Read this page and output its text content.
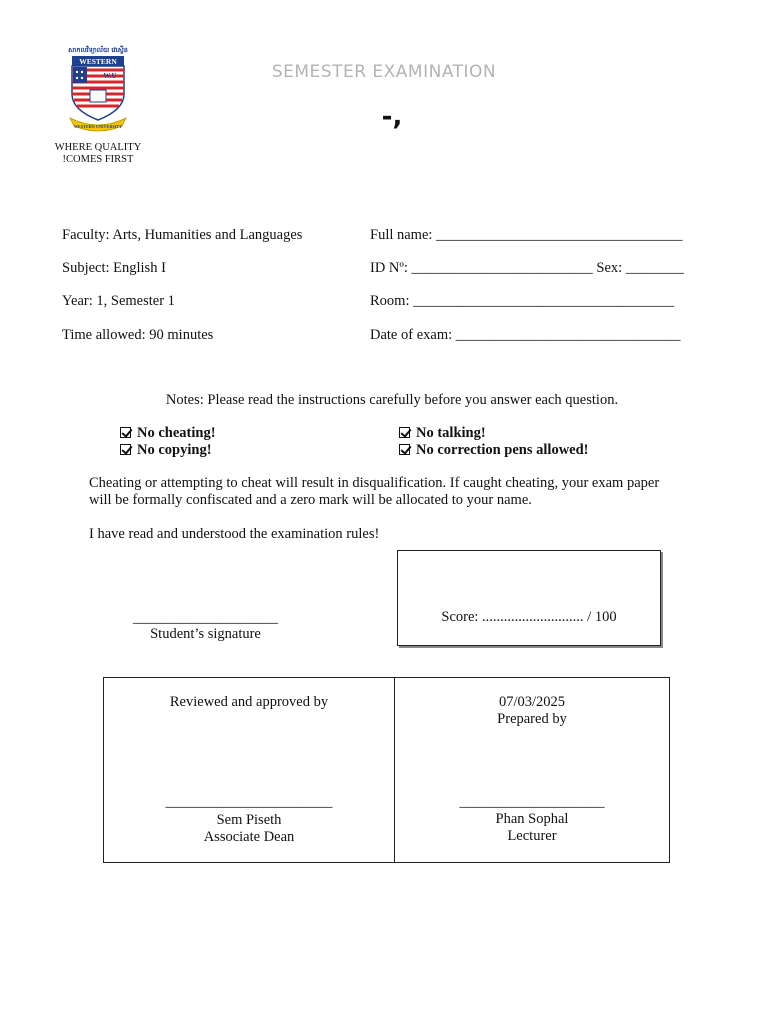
សាកលវិទ្យាល័យ វេស្ទើន
WESTERN
W.U
WESTERN UNIVERSITY
WHERE QUALITY
!COMES FIRST
SEMESTER EXAMINATION
-,
Faculty: Arts, Humanities and Languages
Subject: English I
Year: 1, Semester 1
Time allowed: 90 minutes
Full name: __________________________________
ID Nº: _________________________ Sex: ________
Room: ____________________________________
Date of exam: _______________________________
Notes: Please read the instructions carefully before you answer each question.
No cheating!
No copying!
No talking!
No correction pens allowed!
Cheating or attempting to cheat will result in disqualification. If caught cheating, your exam paper will be formally confiscated and a zero mark will be allocated to your name.
I have read and understood the examination rules!
Score: ............................ / 100
____________________
Student’s signature
Reviewed and approved by
_______________________
Sem Piseth
Associate Dean
07/03/2025
Prepared by
____________________
Phan Sophal
Lecturer
